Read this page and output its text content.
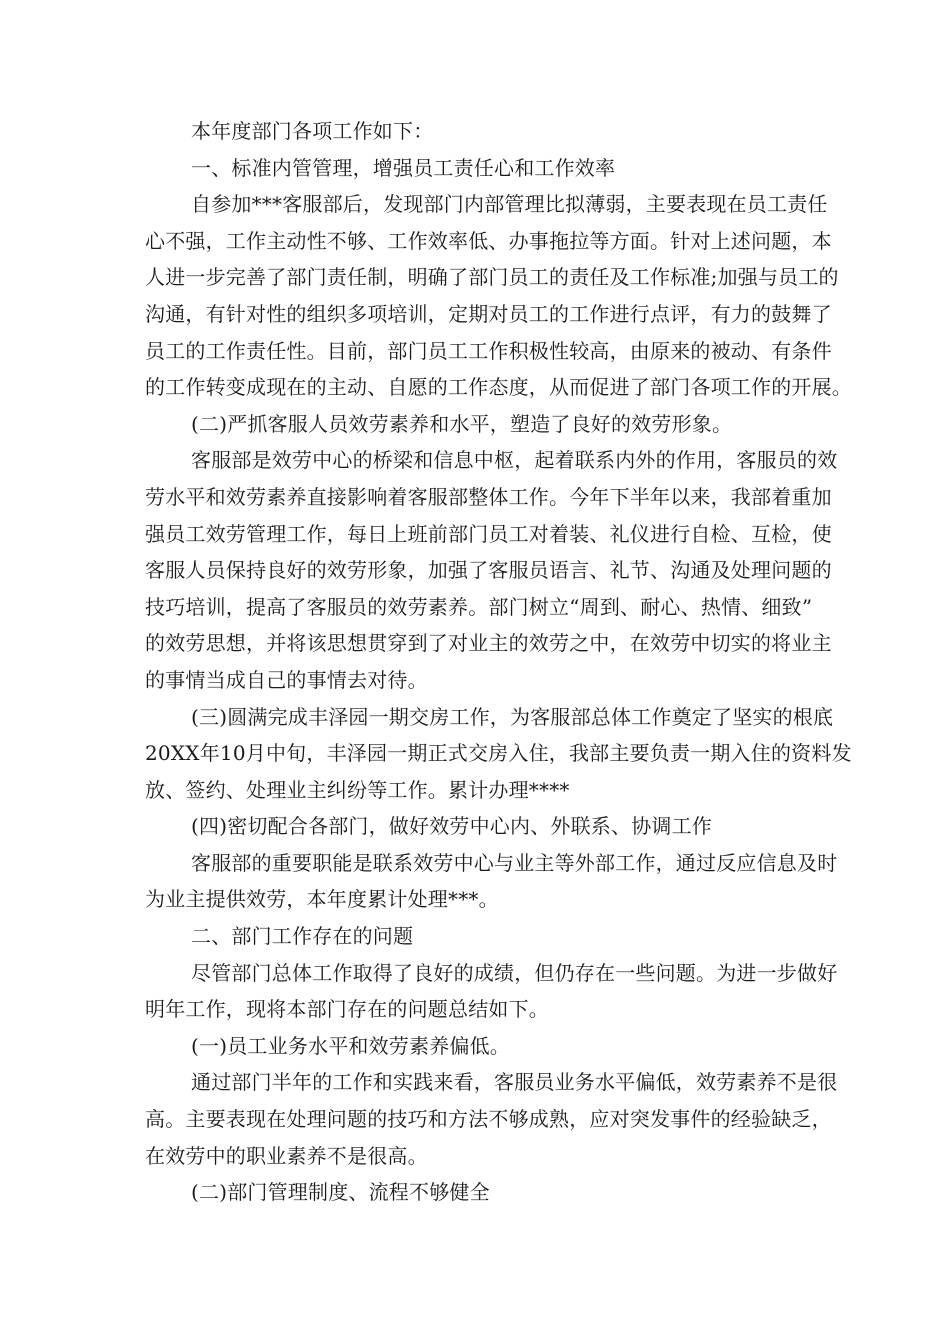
本年度部门各项工作如下：
一、标准内管管理，增强员工责任心和工作效率
自参加***客服部后，发现部门内部管理比拟薄弱，主要表现在员工责任
心不强，工作主动性不够、工作效率低、办事拖拉等方面。针对上述问题，本
人进一步完善了部门责任制，明确了部门员工的责任及工作标准;加强与员工的
沟通，有针对性的组织多项培训，定期对员工的工作进行点评，有力的鼓舞了
员工的工作责任性。目前，部门员工工作积极性较高，由原来的被动、有条件
的工作转变成现在的主动、自愿的工作态度，从而促进了部门各项工作的开展。
(二)严抓客服人员效劳素养和水平，塑造了良好的效劳形象。
客服部是效劳中心的桥梁和信息中枢，起着联系内外的作用，客服员的效
劳水平和效劳素养直接影响着客服部整体工作。今年下半年以来，我部着重加
强员工效劳管理工作，每日上班前部门员工对着装、礼仪进行自检、互检，使
客服人员保持良好的效劳形象，加强了客服员语言、礼节、沟通及处理问题的
技巧培训，提高了客服员的效劳素养。部门树立“周到、耐心、热情、细致”
的效劳思想，并将该思想贯穿到了对业主的效劳之中，在效劳中切实的将业主
的事情当成自己的事情去对待。
(三)圆满完成丰泽园一期交房工作，为客服部总体工作奠定了坚实的根底
20XX年10月中旬，丰泽园一期正式交房入住，我部主要负责一期入住的资料发
放、签约、处理业主纠纷等工作。累计办理****
(四)密切配合各部门，做好效劳中心内、外联系、协调工作
客服部的重要职能是联系效劳中心与业主等外部工作，通过反应信息及时
为业主提供效劳，本年度累计处理***。
二、部门工作存在的问题
尽管部门总体工作取得了良好的成绩，但仍存在一些问题。为进一步做好
明年工作，现将本部门存在的问题总结如下。
(一)员工业务水平和效劳素养偏低。
通过部门半年的工作和实践来看，客服员业务水平偏低，效劳素养不是很
高。主要表现在处理问题的技巧和方法不够成熟，应对突发事件的经验缺乏，
在效劳中的职业素养不是很高。
(二)部门管理制度、流程不够健全
